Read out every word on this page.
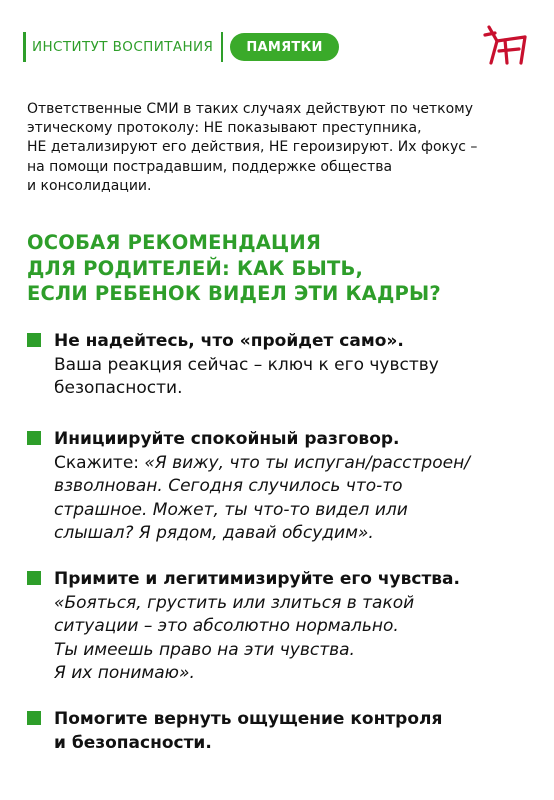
ИНСТИТУТ ВОСПИТАНИЯ	ПАМЯТКИ
Ответственные СМИ в таких случаях действуют по четкому
этическому протоколу: НЕ показывают преступника,
НЕ детализируют его действия, НЕ героизируют. Их фокус –
на помощи пострадавшим, поддержке общества
и консолидации.
ОСОБАЯ РЕКОМЕНДАЦИЯ
ДЛЯ РОДИТЕЛЕЙ: КАК БЫТЬ,
ЕСЛИ РЕБЕНОК ВИДЕЛ ЭТИ КАДРЫ?
Не надейтесь, что «пройдет само».
Ваша реакция сейчас – ключ к его чувству
безопасности.
Инициируйте спокойный разговор.
Скажите: «Я вижу, что ты испуган/расстроен/
взволнован. Сегодня случилось что-то
страшное. Может, ты что-то видел или
слышал? Я рядом, давай обсудим».
Примите и легитимизируйте его чувства.
«Бояться, грустить или злиться в такой
ситуации – это абсолютно нормально.
Ты имеешь право на эти чувства.
Я их понимаю».
Помогите вернуть ощущение контроля
и безопасности.
